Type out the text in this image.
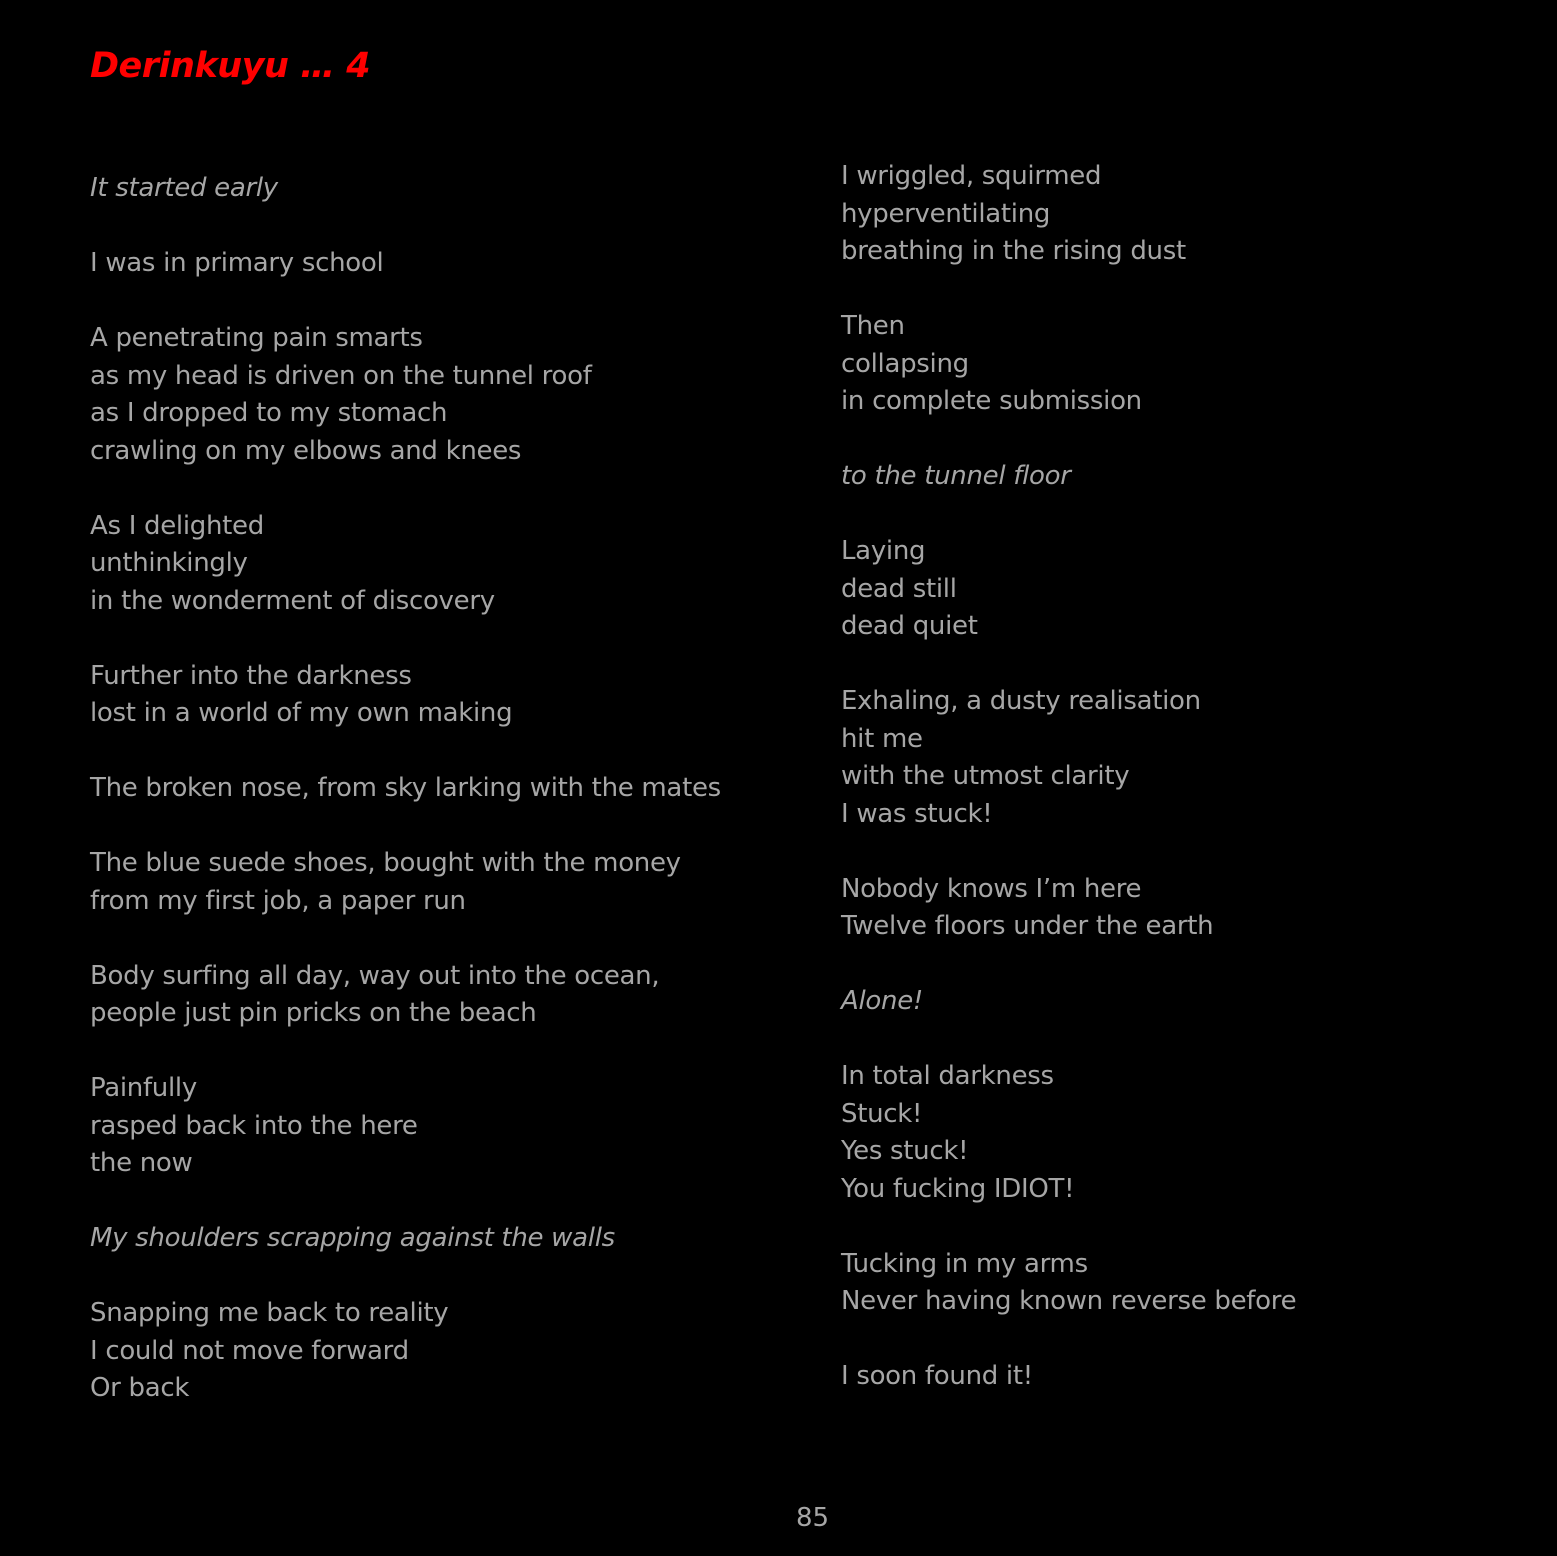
Derinkuyu … 4
It started early
I was in primary school
A penetrating pain smarts
as my head is driven on the tunnel roof
as I dropped to my stomach
crawling on my elbows and knees
As I delighted
unthinkingly
in the wonderment of discovery
Further into the darkness
lost in a world of my own making
The broken nose, from sky larking with the mates
The blue suede shoes, bought with the money
from my first job, a paper run
Body surfing all day, way out into the ocean,
people just pin pricks on the beach
Painfully
rasped back into the here
the now
My shoulders scrapping against the walls
Snapping me back to reality
I could not move forward
Or back
I wriggled, squirmed
hyperventilating
breathing in the rising dust
Then
collapsing
in complete submission
to the tunnel floor
Laying
dead still
dead quiet
Exhaling, a dusty realisation
hit me
with the utmost clarity
I was stuck!
Nobody knows I’m here
Twelve floors under the earth
Alone!
In total darkness
Stuck!
Yes stuck!
You fucking IDIOT!
Tucking in my arms
Never having known reverse before
I soon found it!

85
